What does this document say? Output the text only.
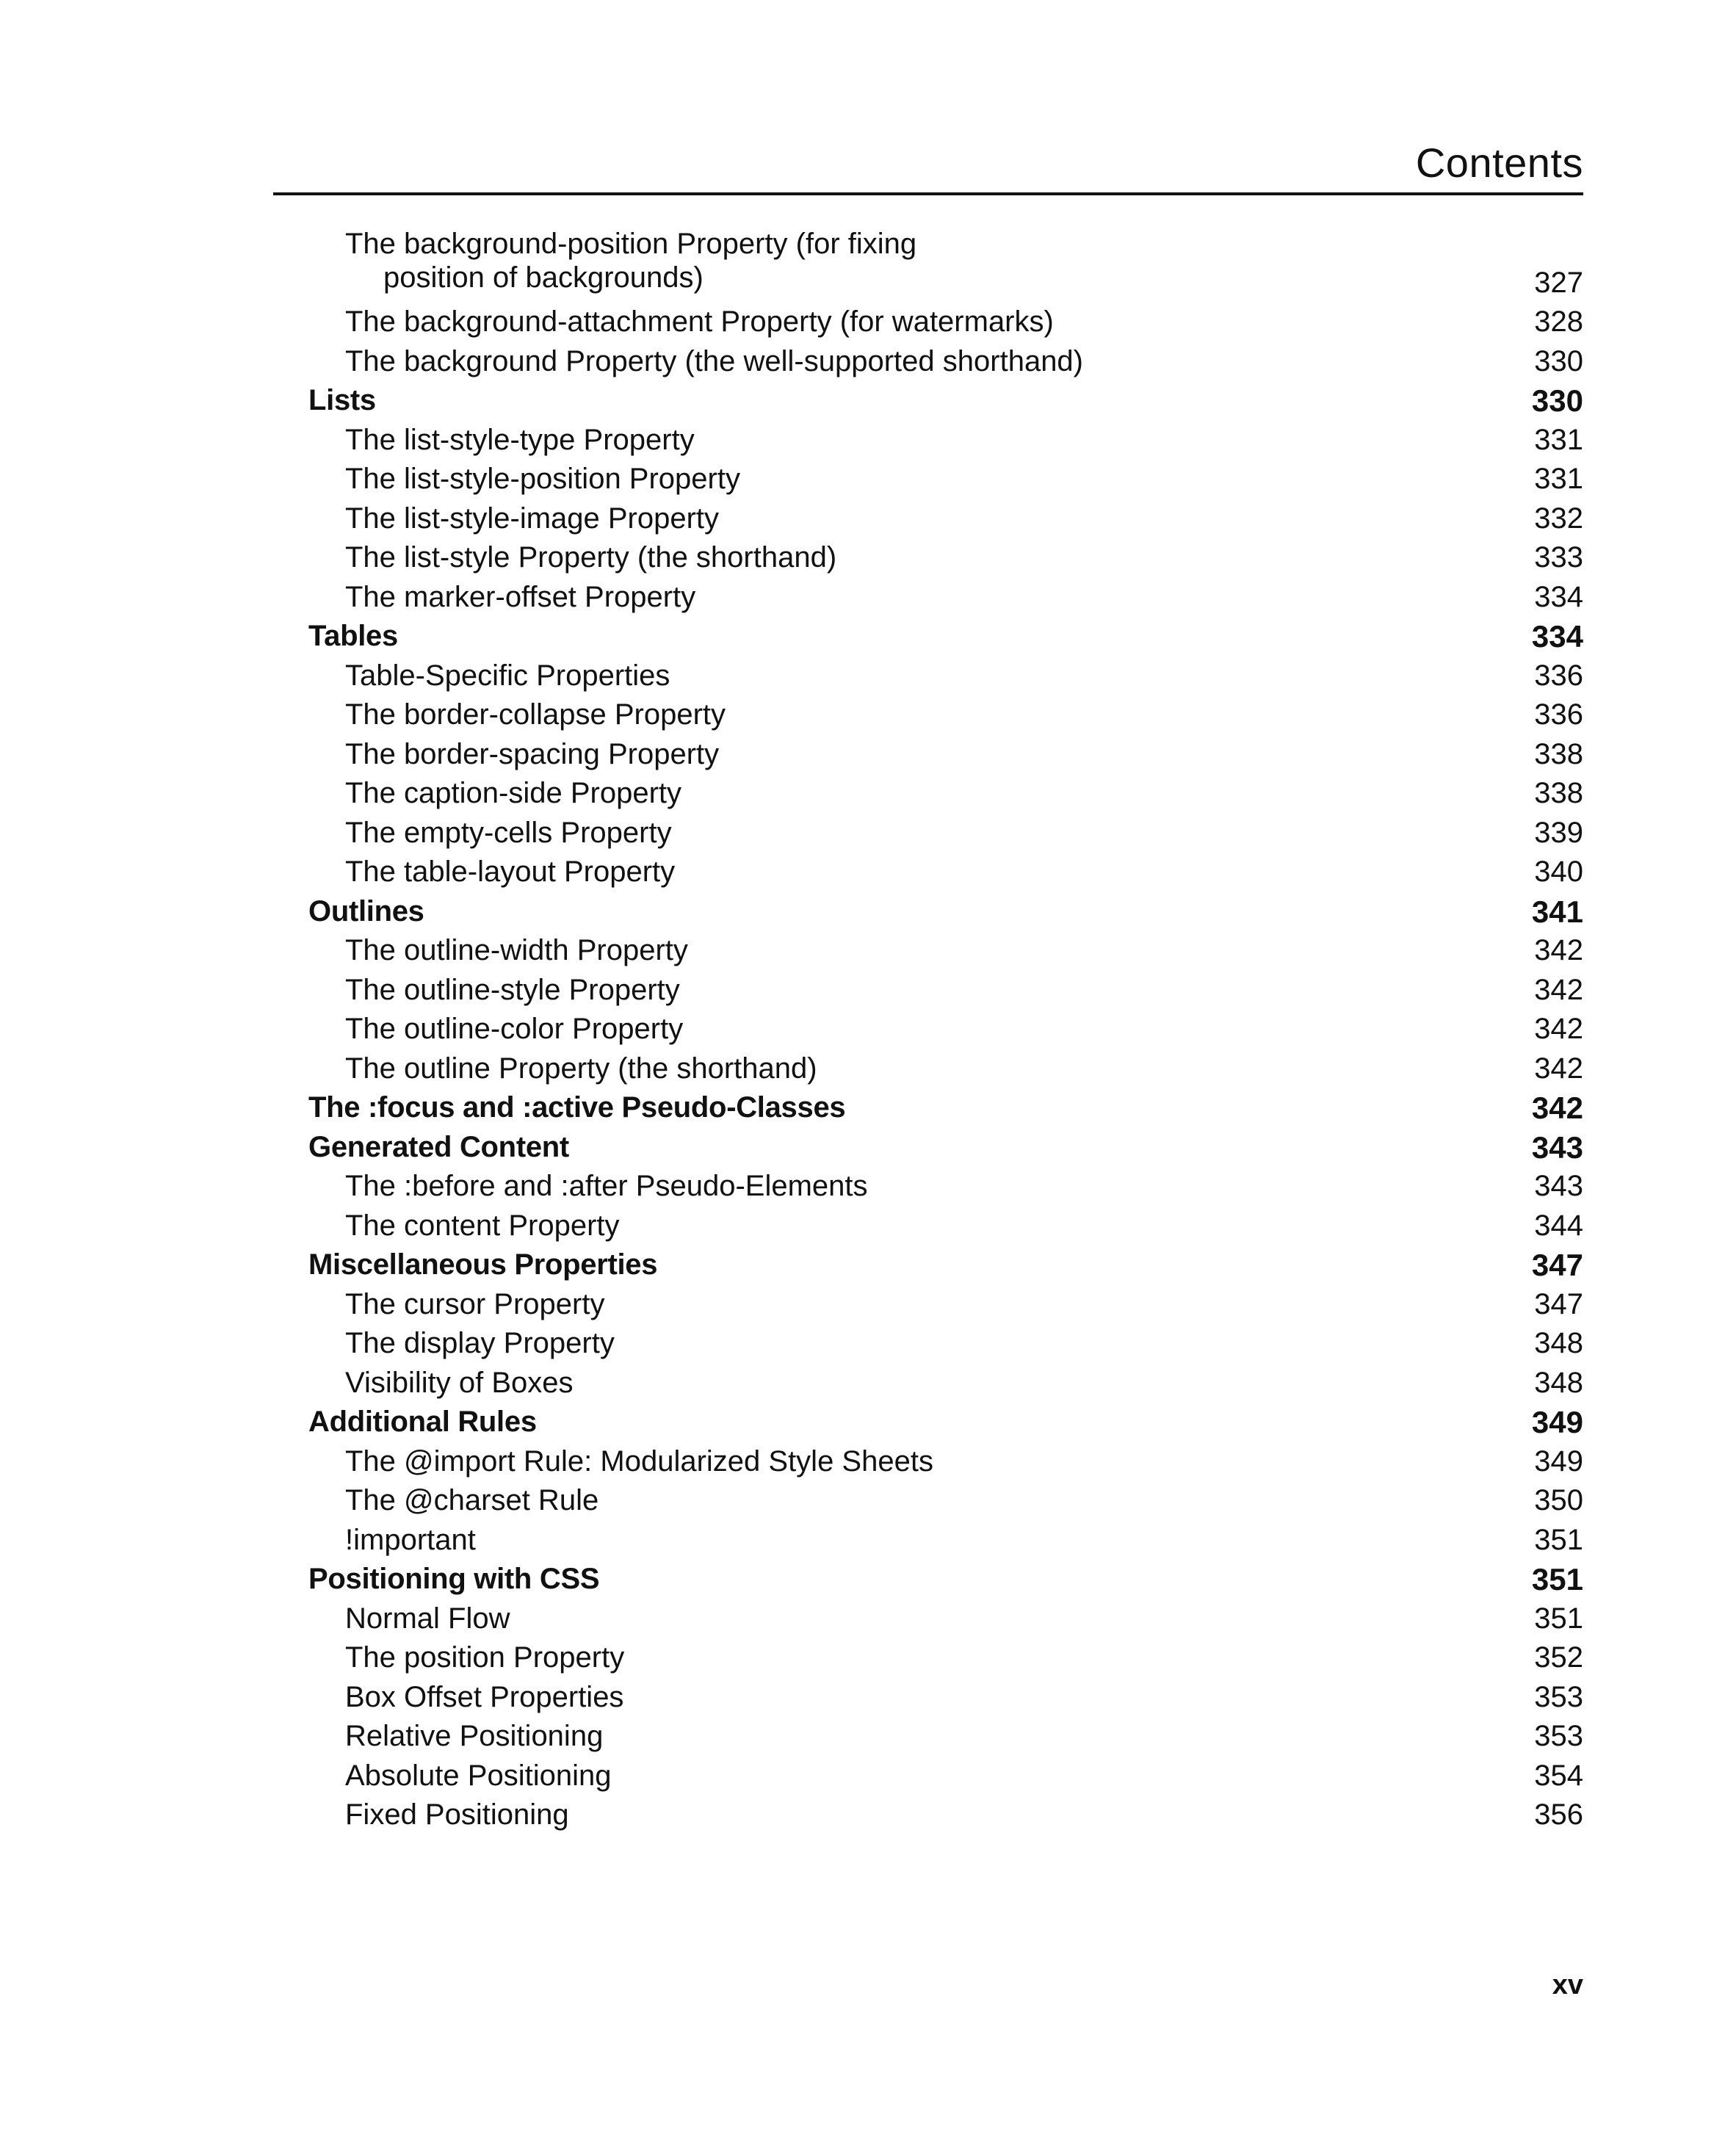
Contents
The background-position Property (for fixing
position of backgrounds)	327
The background-attachment Property (for watermarks)	328
The background Property (the well-supported shorthand)	330
Lists	330
The list-style-type Property	331
The list-style-position Property	331
The list-style-image Property	332
The list-style Property (the shorthand)	333
The marker-offset Property	334
Tables	334
Table-Specific Properties	336
The border-collapse Property	336
The border-spacing Property	338
The caption-side Property	338
The empty-cells Property	339
The table-layout Property	340
Outlines	341
The outline-width Property	342
The outline-style Property	342
The outline-color Property	342
The outline Property (the shorthand)	342
The :focus and :active Pseudo-Classes	342
Generated Content	343
The :before and :after Pseudo-Elements	343
The content Property	344
Miscellaneous Properties	347
The cursor Property	347
The display Property	348
Visibility of Boxes	348
Additional Rules	349
The @import Rule: Modularized Style Sheets	349
The @charset Rule	350
!important	351
Positioning with CSS	351
Normal Flow	351
The position Property	352
Box Offset Properties	353
Relative Positioning	353
Absolute Positioning	354
Fixed Positioning	356
xv
